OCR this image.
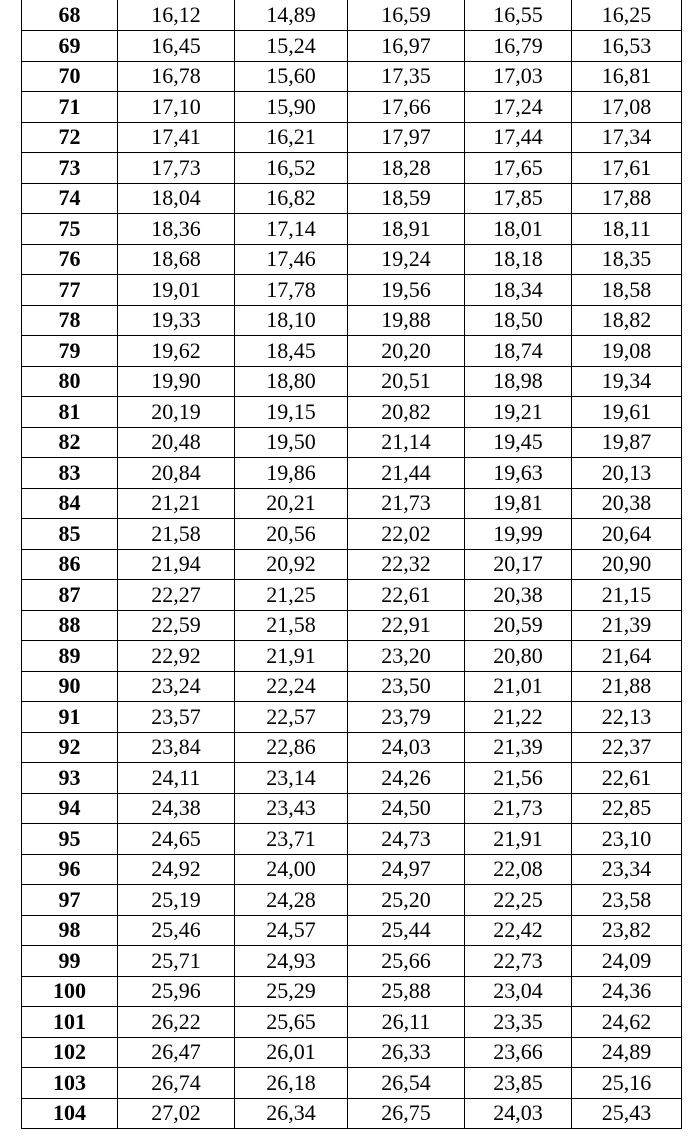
68	16,12	14,89	16,59	16,55	16,25
69	16,45	15,24	16,97	16,79	16,53
70	16,78	15,60	17,35	17,03	16,81
71	17,10	15,90	17,66	17,24	17,08
72	17,41	16,21	17,97	17,44	17,34
73	17,73	16,52	18,28	17,65	17,61
74	18,04	16,82	18,59	17,85	17,88
75	18,36	17,14	18,91	18,01	18,11
76	18,68	17,46	19,24	18,18	18,35
77	19,01	17,78	19,56	18,34	18,58
78	19,33	18,10	19,88	18,50	18,82
79	19,62	18,45	20,20	18,74	19,08
80	19,90	18,80	20,51	18,98	19,34
81	20,19	19,15	20,82	19,21	19,61
82	20,48	19,50	21,14	19,45	19,87
83	20,84	19,86	21,44	19,63	20,13
84	21,21	20,21	21,73	19,81	20,38
85	21,58	20,56	22,02	19,99	20,64
86	21,94	20,92	22,32	20,17	20,90
87	22,27	21,25	22,61	20,38	21,15
88	22,59	21,58	22,91	20,59	21,39
89	22,92	21,91	23,20	20,80	21,64
90	23,24	22,24	23,50	21,01	21,88
91	23,57	22,57	23,79	21,22	22,13
92	23,84	22,86	24,03	21,39	22,37
93	24,11	23,14	24,26	21,56	22,61
94	24,38	23,43	24,50	21,73	22,85
95	24,65	23,71	24,73	21,91	23,10
96	24,92	24,00	24,97	22,08	23,34
97	25,19	24,28	25,20	22,25	23,58
98	25,46	24,57	25,44	22,42	23,82
99	25,71	24,93	25,66	22,73	24,09
100	25,96	25,29	25,88	23,04	24,36
101	26,22	25,65	26,11	23,35	24,62
102	26,47	26,01	26,33	23,66	24,89
103	26,74	26,18	26,54	23,85	25,16
104	27,02	26,34	26,75	24,03	25,43
